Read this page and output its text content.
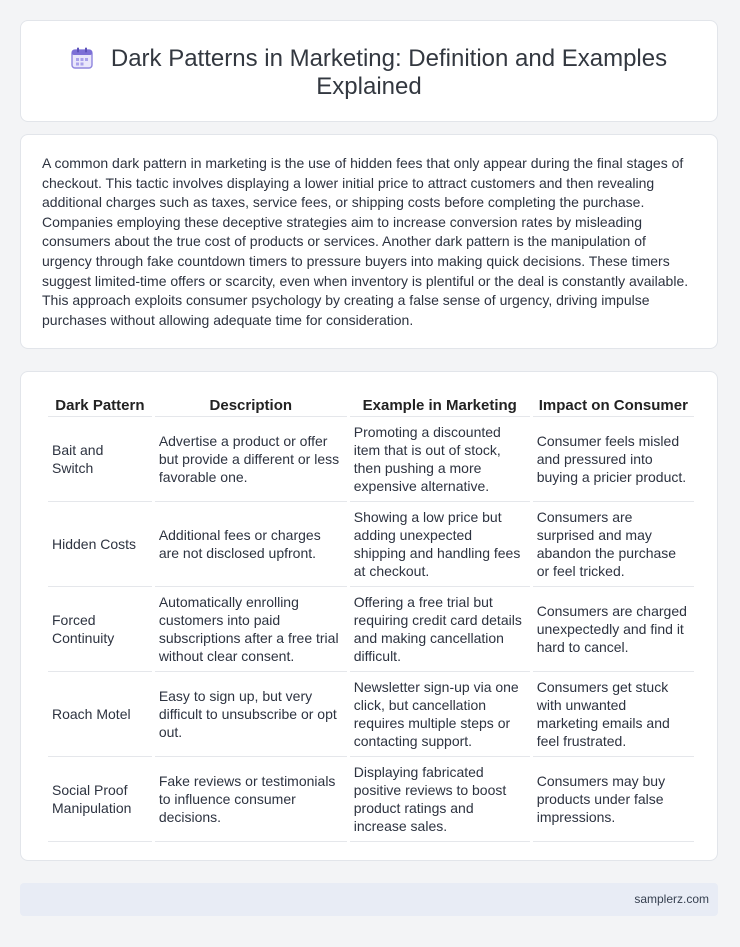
Dark Patterns in Marketing: Definition and Examples Explained
A common dark pattern in marketing is the use of hidden fees that only appear during the final stages of checkout. This tactic involves displaying a lower initial price to attract customers and then revealing additional charges such as taxes, service fees, or shipping costs before completing the purchase. Companies employing these deceptive strategies aim to increase conversion rates by misleading consumers about the true cost of products or services. Another dark pattern is the manipulation of urgency through fake countdown timers to pressure buyers into making quick decisions. These timers suggest limited-time offers or scarcity, even when inventory is plentiful or the deal is constantly available. This approach exploits consumer psychology by creating a false sense of urgency, driving impulse purchases without allowing adequate time for consideration.
Dark Pattern	Description	Example in Marketing	Impact on Consumer
Bait and Switch	Advertise a product or offer but provide a different or less favorable one.	Promoting a discounted item that is out of stock, then pushing a more expensive alternative.	Consumer feels misled and pressured into buying a pricier product.
Hidden Costs	Additional fees or charges are not disclosed upfront.	Showing a low price but adding unexpected shipping and handling fees at checkout.	Consumers are surprised and may abandon the purchase or feel tricked.
Forced Continuity	Automatically enrolling customers into paid subscriptions after a free trial without clear consent.	Offering a free trial but requiring credit card details and making cancellation difficult.	Consumers are charged unexpectedly and find it hard to cancel.
Roach Motel	Easy to sign up, but very difficult to unsubscribe or opt out.	Newsletter sign-up via one click, but cancellation requires multiple steps or contacting support.	Consumers get stuck with unwanted marketing emails and feel frustrated.
Social Proof Manipulation	Fake reviews or testimonials to influence consumer decisions.	Displaying fabricated positive reviews to boost product ratings and increase sales.	Consumers may buy products under false impressions.
samplerz.com
